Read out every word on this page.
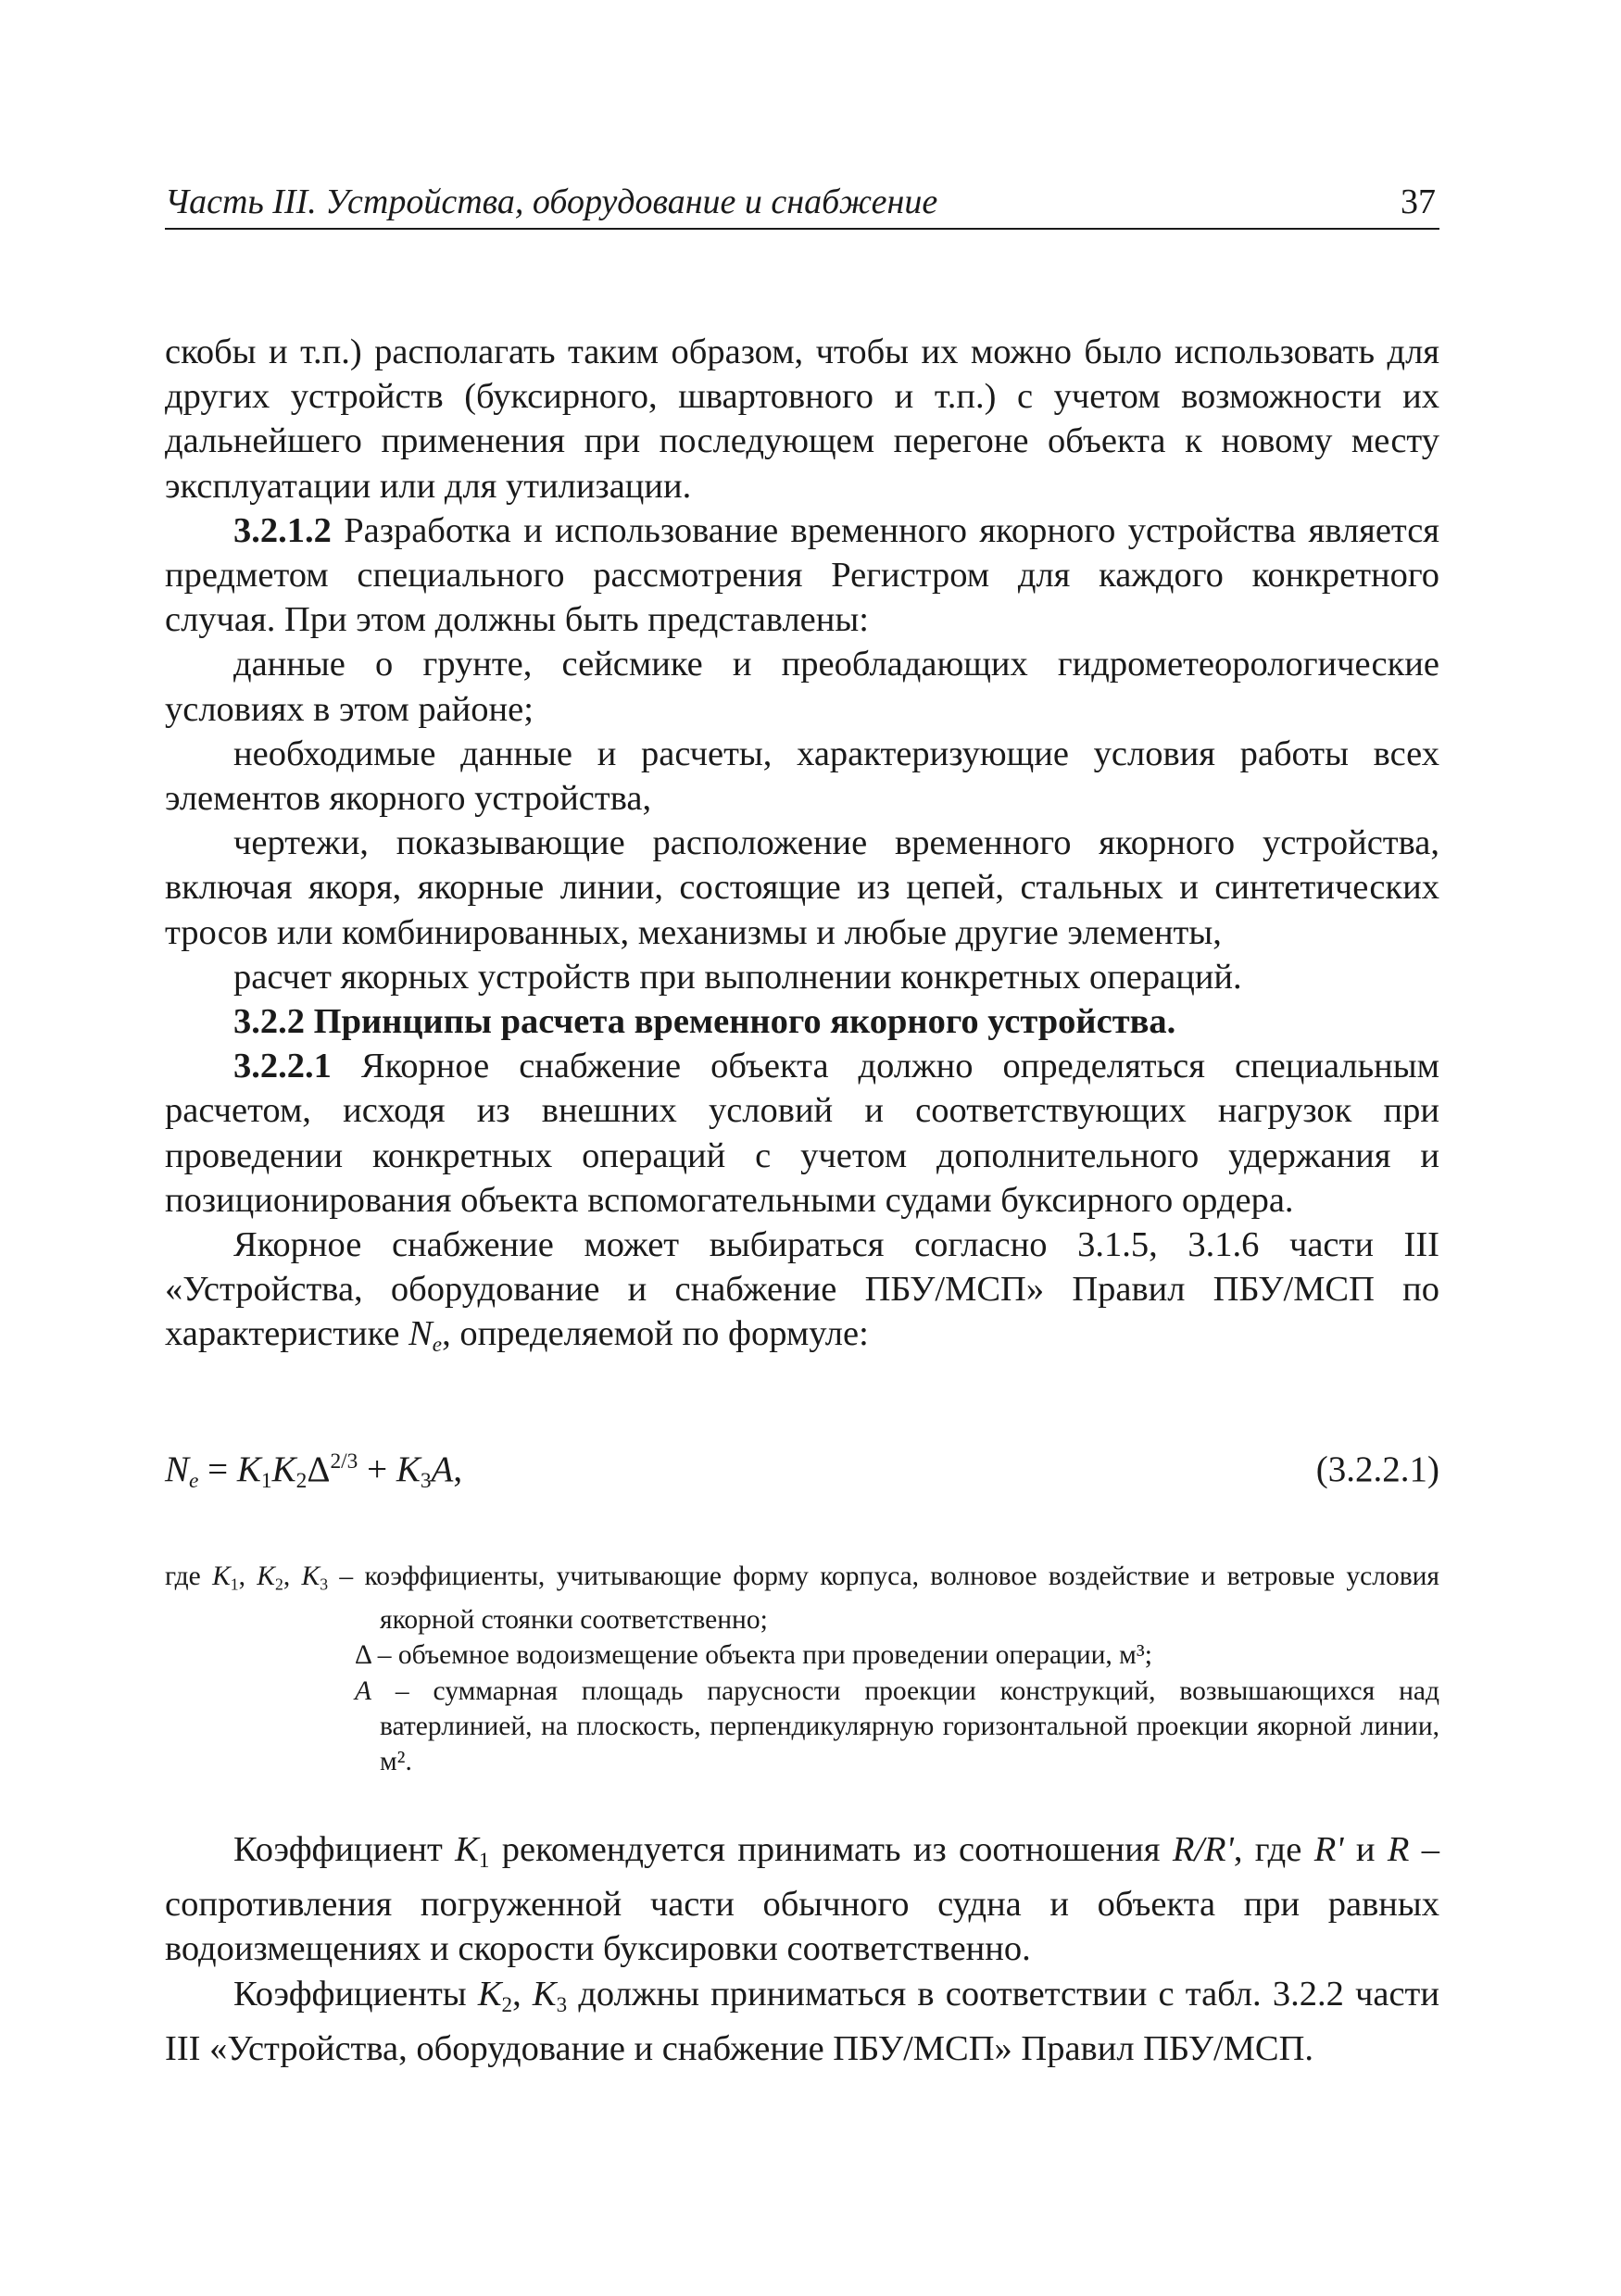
Часть III. Устройства, оборудование и снабжение	37

скобы и т.п.) располагать таким образом, чтобы их можно было использовать для других устройств (буксирного, швартовного и т.п.) с учетом возможности их дальнейшего применения при последующем перегоне объекта к новому месту эксплуатации или для утилизации.

3.2.1.2 Разработка и использование временного якорного устройства является предметом специального рассмотрения Регистром для каждого конкретного случая. При этом должны быть представлены:

данные о грунте, сейсмике и преобладающих гидрометеорологические условиях в этом районе;

необходимые данные и расчеты, характеризующие условия работы всех элементов якорного устройства,

чертежи, показывающие расположение временного якорного устройства, включая якоря, якорные линии, состоящие из цепей, стальных и синтетических тросов или комбинированных, механизмы и любые другие элементы,

расчет якорных устройств при выполнении конкретных операций.

3.2.2 Принципы расчета временного якорного устройства.

3.2.2.1 Якорное снабжение объекта должно определяться специальным расчетом, исходя из внешних условий и соответствующих нагрузок при проведении конкретных операций с учетом дополнительного удержания и позиционирования объекта вспомогательными судами буксирного ордера.

Якорное снабжение может выбираться согласно 3.1.5, 3.1.6 части III «Устройства, оборудование и снабжение ПБУ/МСП» Правил ПБУ/МСП по характеристике $N_e$, определяемой по формуле:

$N_e = K_1K_2\Delta^{2/3} + K_3A$,	(3.2.2.1)
где $K_1$, $K_2$, $K_3$ – коэффициенты, учитывающие форму корпуса, волновое воздействие и ветровые условия якорной стоянки соответственно;
Δ – объемное водоизмещение объекта при проведении операции, м³;
А – суммарная площадь парусности проекции конструкций, возвышающихся над ватерлинией, на плоскость, перпендикулярную горизонтальной проекции якорной линии, м².

Коэффициент $K_1$ рекомендуется принимать из соотношения R/R', где R' и R – сопротивления погруженной части обычного судна и объекта при равных водоизмещениях и скорости буксировки соответственно.

Коэффициенты $K_2$, $K_3$ должны приниматься в соответствии с табл. 3.2.2 части III «Устройства, оборудование и снабжение ПБУ/МСП» Правил ПБУ/МСП.
